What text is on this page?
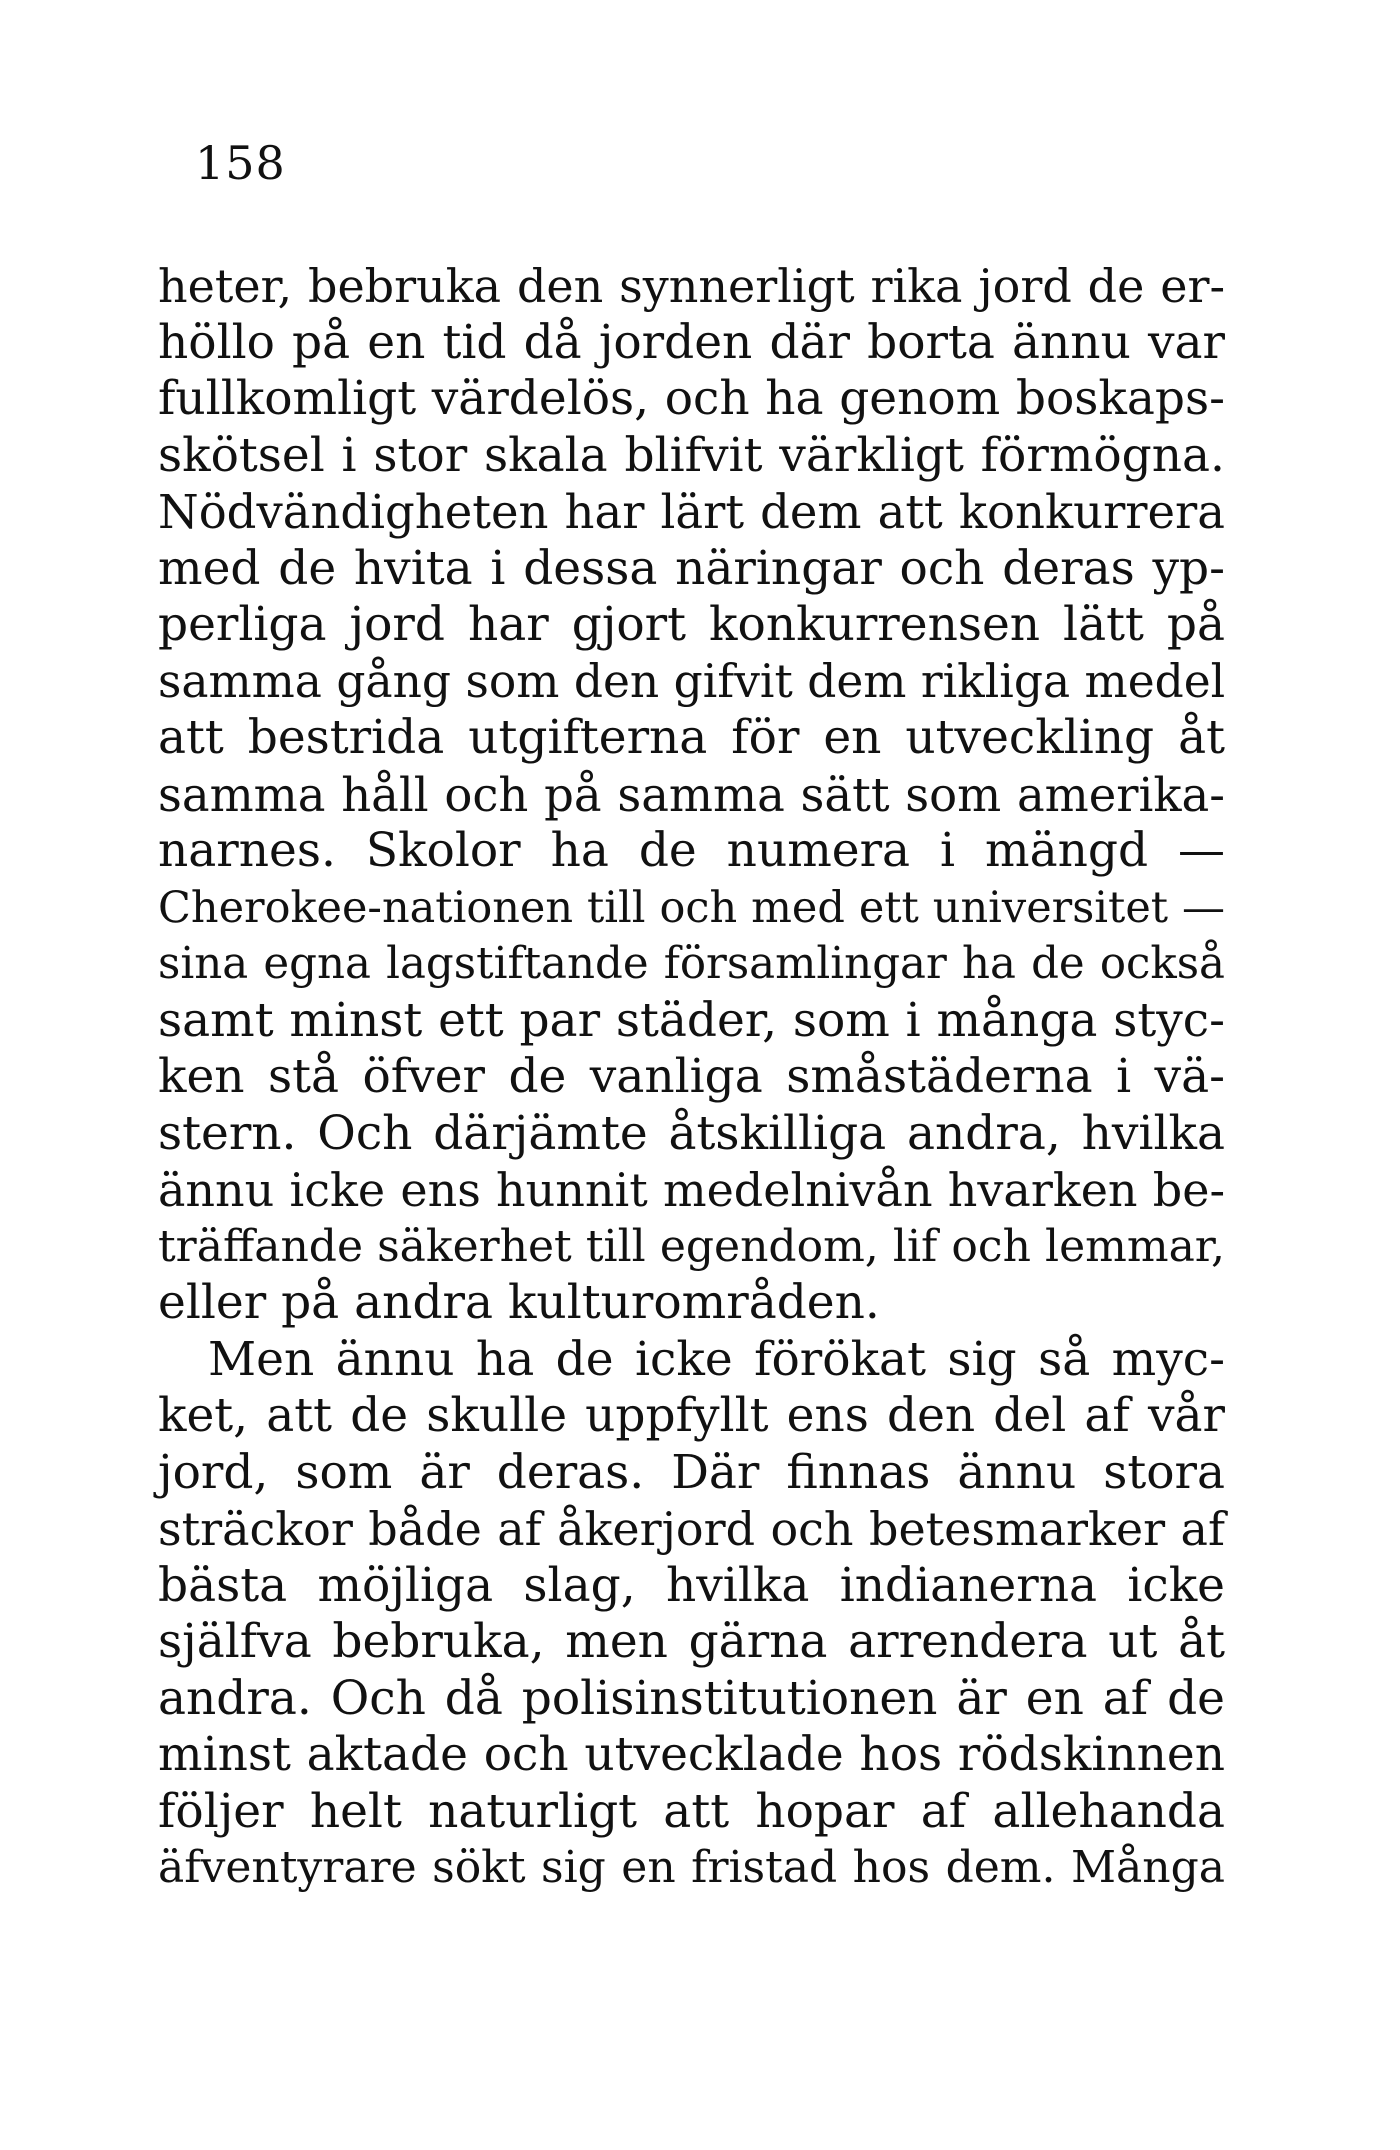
158
heter, bebruka den synnerligt rika jord de er-
höllo på en tid då jorden där borta ännu var
fullkomligt värdelös, och ha genom boskaps-
skötsel i stor skala blifvit värkligt förmögna.
Nödvändigheten har lärt dem att konkurrera
med de hvita i dessa näringar och deras yp-
perliga jord har gjort konkurrensen lätt på
samma gång som den gifvit dem rikliga medel
att bestrida utgifterna för en utveckling åt
samma håll och på samma sätt som amerika-
narnes. Skolor ha de numera i mängd —
Cherokee-nationen till och med ett universitet —
sina egna lagstiftande församlingar ha de också
samt minst ett par städer, som i många styc-
ken stå öfver de vanliga småstäderna i vä-
stern. Och därjämte åtskilliga andra, hvilka
ännu icke ens hunnit medelnivån hvarken be-
träffande säkerhet till egendom, lif och lemmar,
eller på andra kulturområden.
Men ännu ha de icke förökat sig så myc-
ket, att de skulle uppfyllt ens den del af vår
jord, som är deras. Där finnas ännu stora
sträckor både af åkerjord och betesmarker af
bästa möjliga slag, hvilka indianerna icke
själfva bebruka, men gärna arrendera ut åt
andra. Och då polisinstitutionen är en af de
minst aktade och utvecklade hos rödskinnen
följer helt naturligt att hopar af allehanda
äfventyrare sökt sig en fristad hos dem. Många
